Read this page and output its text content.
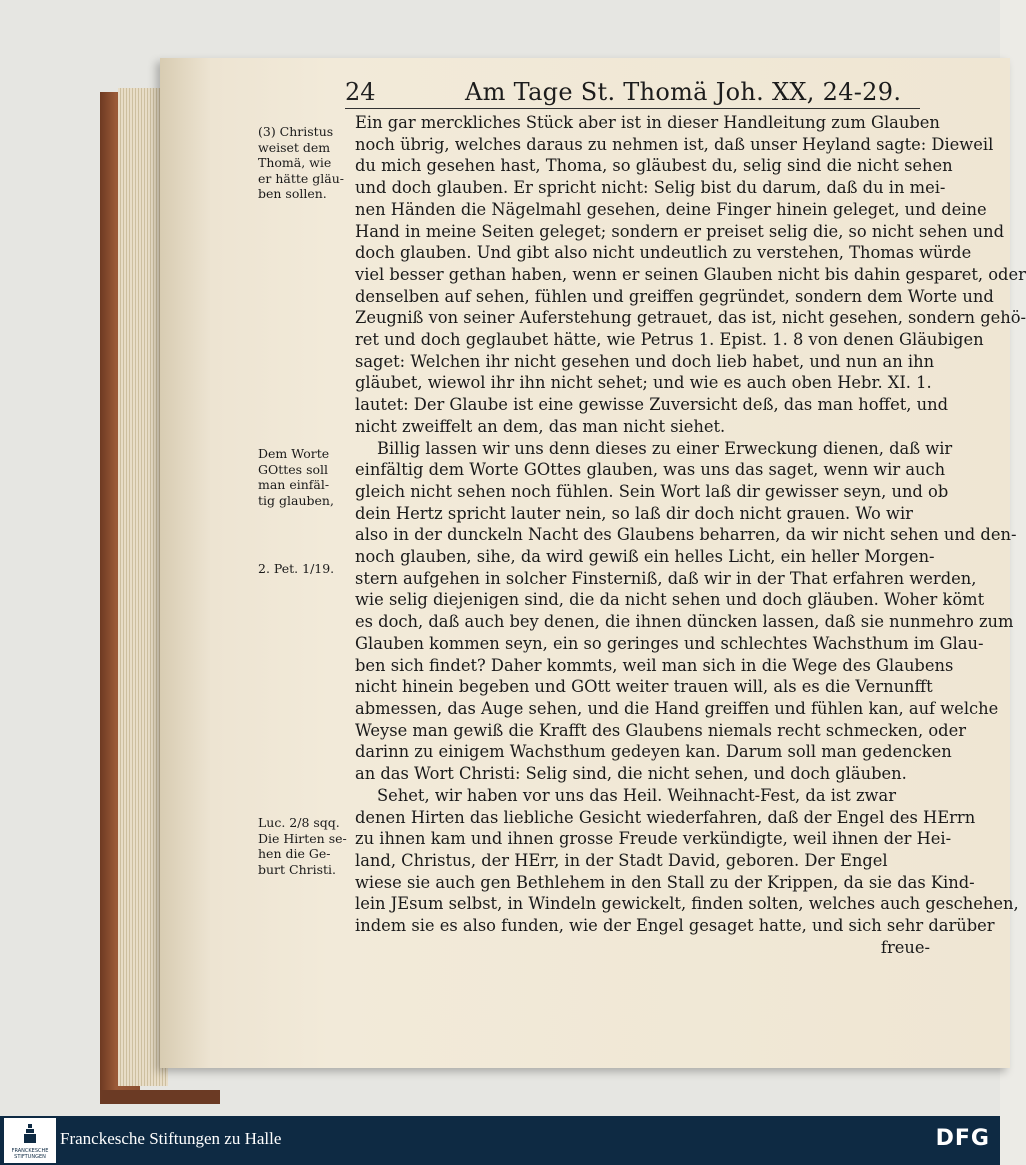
24	Am Tage St. Thomä Joh. XX, 24-29.
Ein gar merckliches Stück aber ist in dieser Handleitung zum Glauben
noch übrig, welches daraus zu nehmen ist, daß unser Heyland sagte: Dieweil
du mich gesehen hast, Thoma, so gläubest du, selig sind die nicht sehen
und doch glauben. Er spricht nicht: Selig bist du darum, daß du in mei-
nen Händen die Nägelmahl gesehen, deine Finger hinein geleget, und deine
Hand in meine Seiten geleget; sondern er preiset selig die, so nicht sehen und
doch glauben. Und gibt also nicht undeutlich zu verstehen, Thomas würde
viel besser gethan haben, wenn er seinen Glauben nicht bis dahin gesparet, oder
denselben auf sehen, fühlen und greiffen gegründet, sondern dem Worte und
Zeugniß von seiner Auferstehung getrauet, das ist, nicht gesehen, sondern gehö-
ret und doch geglaubet hätte, wie Petrus 1. Epist. 1. 8 von denen Gläubigen
saget: Welchen ihr nicht gesehen und doch lieb habet, und nun an ihn
gläubet, wiewol ihr ihn nicht sehet; und wie es auch oben Hebr. XI. 1.
lautet: Der Glaube ist eine gewisse Zuversicht deß, das man hoffet, und
nicht zweiffelt an dem, das man nicht siehet.
Billig lassen wir uns denn dieses zu einer Erweckung dienen, daß wir
einfältig dem Worte GOttes glauben, was uns das saget, wenn wir auch
gleich nicht sehen noch fühlen. Sein Wort laß dir gewisser seyn, und ob
dein Hertz spricht lauter nein, so laß dir doch nicht grauen. Wo wir
also in der dunckeln Nacht des Glaubens beharren, da wir nicht sehen und den-
noch glauben, sihe, da wird gewiß ein helles Licht, ein heller Morgen-
stern aufgehen in solcher Finsterniß, daß wir in der That erfahren werden,
wie selig diejenigen sind, die da nicht sehen und doch gläuben. Woher kömt
es doch, daß auch bey denen, die ihnen düncken lassen, daß sie nunmehro zum
Glauben kommen seyn, ein so geringes und schlechtes Wachsthum im Glau-
ben sich findet? Daher kommts, weil man sich in die Wege des Glaubens
nicht hinein begeben und GOtt weiter trauen will, als es die Vernunfft
abmessen, das Auge sehen, und die Hand greiffen und fühlen kan, auf welche
Weyse man gewiß die Krafft des Glaubens niemals recht schmecken, oder
darinn zu einigem Wachsthum gedeyen kan. Darum soll man gedencken
an das Wort Christi: Selig sind, die nicht sehen, und doch gläuben.
Sehet, wir haben vor uns das Heil. Weihnacht-Fest, da ist zwar
denen Hirten das liebliche Gesicht wiederfahren, daß der Engel des HErrn
zu ihnen kam und ihnen grosse Freude verkündigte, weil ihnen der Hei-
land, Christus, der HErr, in der Stadt David, geboren. Der Engel
wiese sie auch gen Bethlehem in den Stall zu der Krippen, da sie das Kind-
lein JEsum selbst, in Windeln gewickelt, finden solten, welches auch geschehen,
indem sie es also funden, wie der Engel gesaget hatte, und sich sehr darüber
freue-
(3) Christus
weiset dem
Thomä, wie
er hätte gläu-
ben sollen.
Dem Worte
GOttes soll
man einfäl-
tig glauben,
2. Pet. 1/19.
Luc. 2/8 sqq.
Die Hirten se-
hen die Ge-
burt Christi.
FRANCKESCHE STIFTUNGEN
Franckesche Stiftungen zu Halle	DFG
